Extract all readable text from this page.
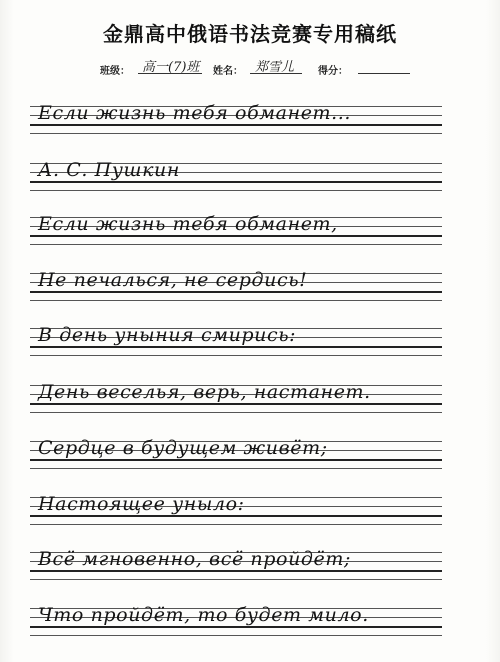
金鼎高中俄语书法竞赛专用稿纸
班级： 高一(7)班 姓名： 郑雪儿 得分：
Если жизнь тебя обманет...
А. С. Пушкин
Если жизнь тебя обманет,
Не печалься, не сердись!
В день уныния смирись:
День веселья, верь, настанет.
Сердце в будущем живёт;
Настоящее уныло:
Всё мгновенно, всё пройдёт;
Что пройдёт, то будет мило.
